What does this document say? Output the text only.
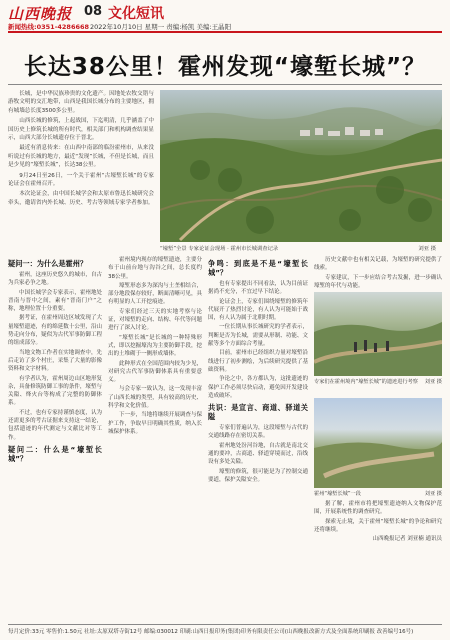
山西晚报 08 文化短讯
新闻热线:0351-4286668 2022年10月10日 星期一 责编:杨凯 美编:王晶阳
长达38公里！霍州发现“壕堑长城”？

长城，是中华民族珍贵的文化遗产。因地处农牧交错与游牧文明的交汇地带，山西是我国长城分布的主要地区，拥有城墙总长度3500多公里。

山西长城的修筑，上起战国，下迄明清，几乎涵盖了中国历史上修筑长城的所有时代，相关部门和机构调查结果显示，山西大部分长城遗存位于晋北。

最近有消息传来：在山西中南部的临汾霍州市，从来没听说过有长城的地方，最近“发现”长城，不但是长城，而且是少见的“壕堑长城”，长达38公里。

9月24日至26日，一个关于霍州“古壕堑长城”的专家论证会在霍州召开。

本次论证会，由中国长城学会和太原市鲁迅长城研究会牵头，邀请省内外长城、历史、考古等领域专家学者参加。

“壕堑”全景 专家论证会现场 · 霍州市长城调查记录	刘亚 摄
疑问一：为什么是霍州？

霍州，这座历史悠久的城市，自古为兵家必争之地。

中国长城学会专家表示，霍州地处晋南与晋中之间，素有“晋南门户”之称，地理位置十分重要。

据考证，在霍州周边区域发现了大量壕堑遗迹，有的绵延数十公里，沿山势走向分布，疑似为古代军事防御工程的组成部分。

当地文物工作者在实地调查中，先后走访了多个村庄，采集了大量的影像资料和文字材料。

有学者认为，霍州周边山区地形复杂，具备修筑防御工事的条件，壕堑与关隘、烽火台等构成了完整的防御体系。

不过，也有专家持谨慎态度，认为还需更多的考古证据来支持这一结论，包括遗迹的年代测定与文献比对等工作。

疑问二：什么是“壕堑长城”？

霍州境内现存的壕堑遗迹，主要分布于山前台地与沟谷之间，总长度约38公里。

壕堑形态多为深沟与土垄相结合，部分地段保存较好，断面清晰可见，具有明显的人工开挖痕迹。

专家们经过三天的实地考察与论证，对壕堑的走向、结构、年代等问题进行了深入讨论。

“壕堑长城”是长城的一种特殊形式，即以挖掘壕沟为主要防御手段，挖出的土堆砌于一侧形成墙体。

此种形式在全国范围内较为少见，对研究古代军事防御体系具有重要意义。

与会专家一致认为，这一发现丰富了山西长城的类型，具有较高的历史、科学和文化价值。

下一步，当地将继续开展调查与保护工作，争取早日明确其性质，纳入长城保护体系。

争鸣：到底是不是“壕堑长城”？

也有专家提出不同看法，认为目前证据尚不充分，不宜过早下结论。

论证会上，专家们围绕壕堑的修筑年代展开了热烈讨论，有人认为可能始于战国，有人认为属于北朝时期。

一位长期从事长城研究的学者表示，判断是否为长城，需要从形制、功能、文献等多个方面综合考量。

目前，霍州市已经组织力量对壕堑沿线进行了初步测绘，为后续研究提供了基础资料。

争论之中，各方都认为，这批遗迹的保护工作必须尽快启动，避免因开发建设造成破坏。

共识：是宣言、商道、驿道关隘

专家们普遍认为，这段壕堑与古代的交通线路存在密切关系。

霍州地处汾河谷地，自古就是南北交通的要冲，古商道、驿道穿境而过，沿线设有多处关隘。

壕堑的修筑，很可能是为了控制交通要道，保护关隘安全。

历史文献中也有相关记载，为壕堑的研究提供了线索。

专家建议，下一步应结合考古发掘，进一步确认壕堑的年代与功能。

专家们在霍州境内“壕堑长城”的遗迹进行考察 刘亚 摄
霍州“壕堑长城”一段	刘亚 摄

据了解，霍州市将把壕堑遗迹纳入文物保护范围，开展系统性的调查研究。

探索无止境，关于霍州“壕堑长城”的争论和研究还将继续。

山西晚报记者 刘亚楠 通讯员

每月定价:33元 零售价:1.50元 社址:太原双塔寺街12号 邮编:030012 印刷:山西日报印务(集团)印务有限责任公司(山西晚报改新方式及全面系统印刷报 改善编号16号)
